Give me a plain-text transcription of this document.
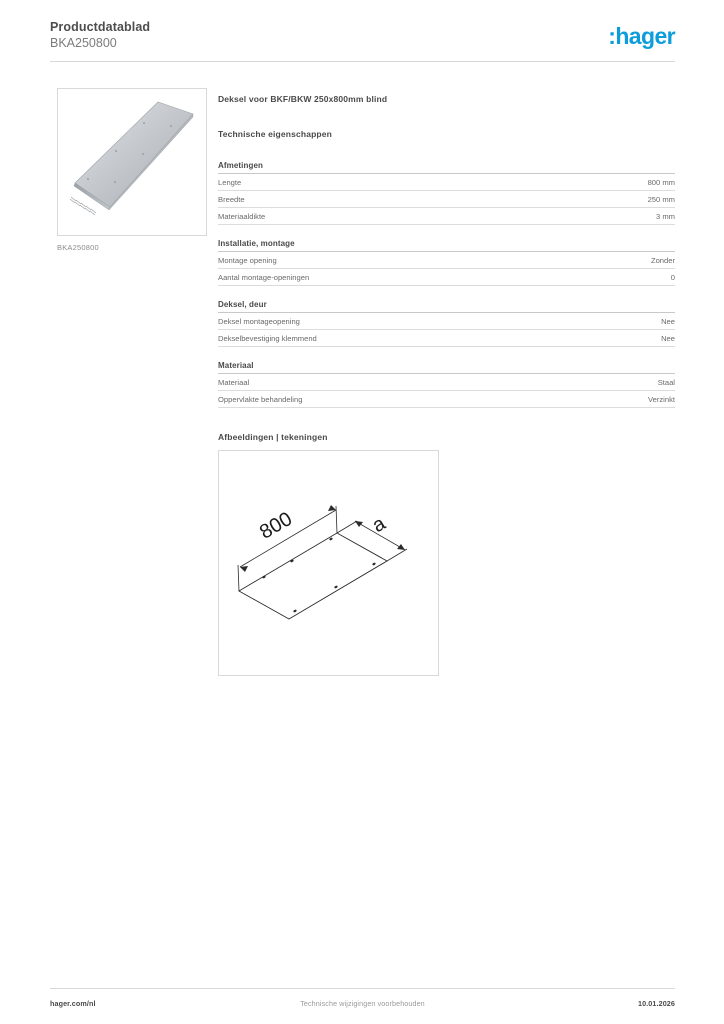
Productdatablad
BKA250800	:hager
BKA250800
Deksel voor BKF/BKW 250x800mm blind
Technische eigenschappen
Afmetingen
Lengte	800 mm
Breedte	250 mm
Materiaaldikte	3 mm
Installatie, montage
Montage opening	Zonder
Aantal montage-openingen	0
Deksel, deur
Deksel montageopening	Nee
Dekselbevestiging klemmend	Nee
Materiaal
Materiaal	Staal
Oppervlakte behandeling	Verzinkt
Afbeeldingen | tekeningen
800	a
Technische wijzigingen voorbehouden
hager.com/nl	10.01.2026
